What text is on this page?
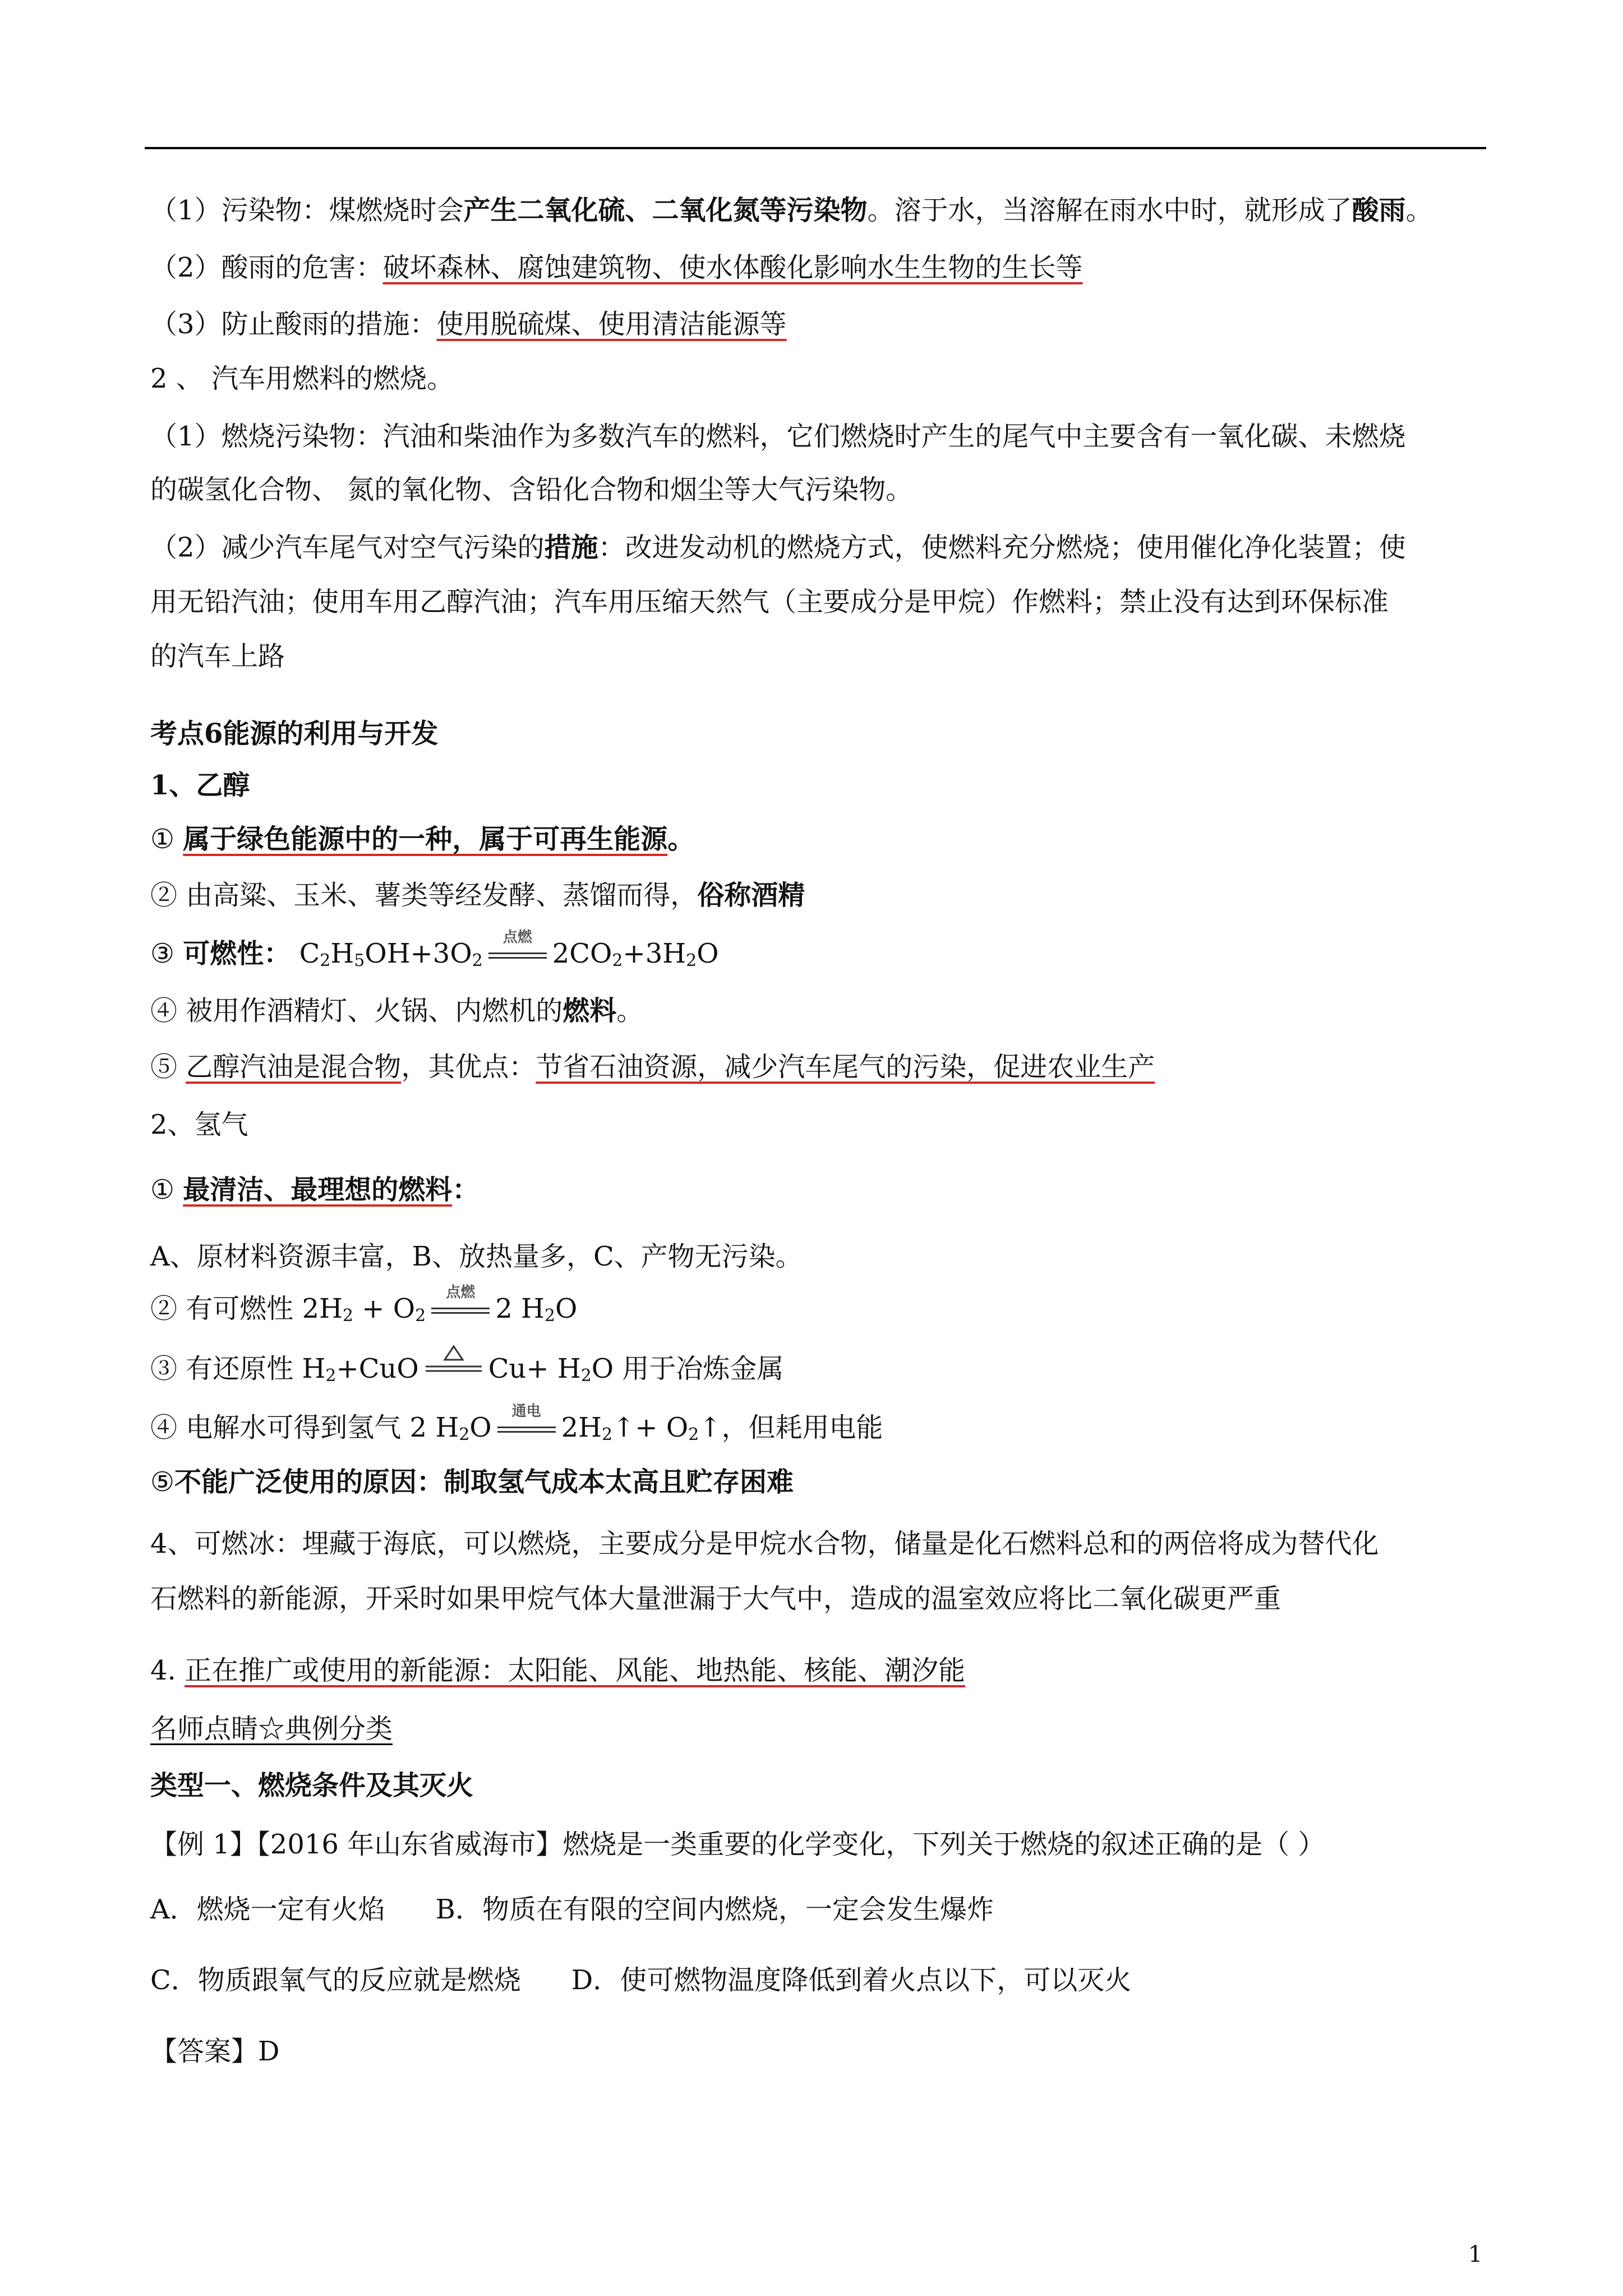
（1）污染物：煤燃烧时会产生二氧化硫、二氧化氮等污染物。溶于水，当溶解在雨水中时，就形成了酸雨。
（2）酸雨的危害：破坏森林、腐蚀建筑物、使水体酸化影响水生生物的生长等
（3）防止酸雨的措施：使用脱硫煤、使用清洁能源等
2 、 汽车用燃料的燃烧。
（1）燃烧污染物：汽油和柴油作为多数汽车的燃料，它们燃烧时产生的尾气中主要含有一氧化碳、未燃烧
的碳氢化合物、 氮的氧化物、含铅化合物和烟尘等大气污染物。
（2）减少汽车尾气对空气污染的措施：改进发动机的燃烧方式，使燃料充分燃烧；使用催化净化装置；使
用无铅汽油；使用车用乙醇汽油；汽车用压缩天然气（主要成分是甲烷）作燃料；禁止没有达到环保标准
的汽车上路
考点6能源的利用与开发
1、乙醇
① 属于绿色能源中的一种，属于可再生能源。
② 由高粱、玉米、薯类等经发酵、蒸馏而得，俗称酒精
③ 可燃性： $C_2H_5OH+3O_2$
点燃
$2CO_2+3H_2O$
④ 被用作酒精灯、火锅、内燃机的燃料。
⑤ 乙醇汽油是混合物，其优点：节省石油资源，减少汽车尾气的污染，促进农业生产
2、氢气
① 最清洁、最理想的燃料：
A、原材料资源丰富，B、放热量多，C、产物无污染。
② 有可燃性 $2H_2 + O_2$
点燃
2 $H_2O$
③ 有还原性 $H_2+CuO$	$Cu+ H_2O$ 用于冶炼金属
④ 电解水可得到氢气 2 $H_2O$
通电
$2H_2↑+$ $O_2↑$，但耗用电能
⑤不能广泛使用的原因：制取氢气成本太高且贮存困难
4、可燃冰：埋藏于海底，可以燃烧，主要成分是甲烷水合物，储量是化石燃料总和的两倍将成为替代化
石燃料的新能源，开采时如果甲烷气体大量泄漏于大气中，造成的温室效应将比二氧化碳更严重
4. 正在推广或使用的新能源：太阳能、风能、地热能、核能、潮汐能
名师点睛☆典例分类
类型一、燃烧条件及其灭火
【例 1】【2016 年山东省威海市】燃烧是一类重要的化学变化，下列关于燃烧的叙述正确的是（ ）
A．燃烧一定有火焰 B．物质在有限的空间内燃烧，一定会发生爆炸
C．物质跟氧气的反应就是燃烧 D．使可燃物温度降低到着火点以下，可以灭火
【答案】D
1
